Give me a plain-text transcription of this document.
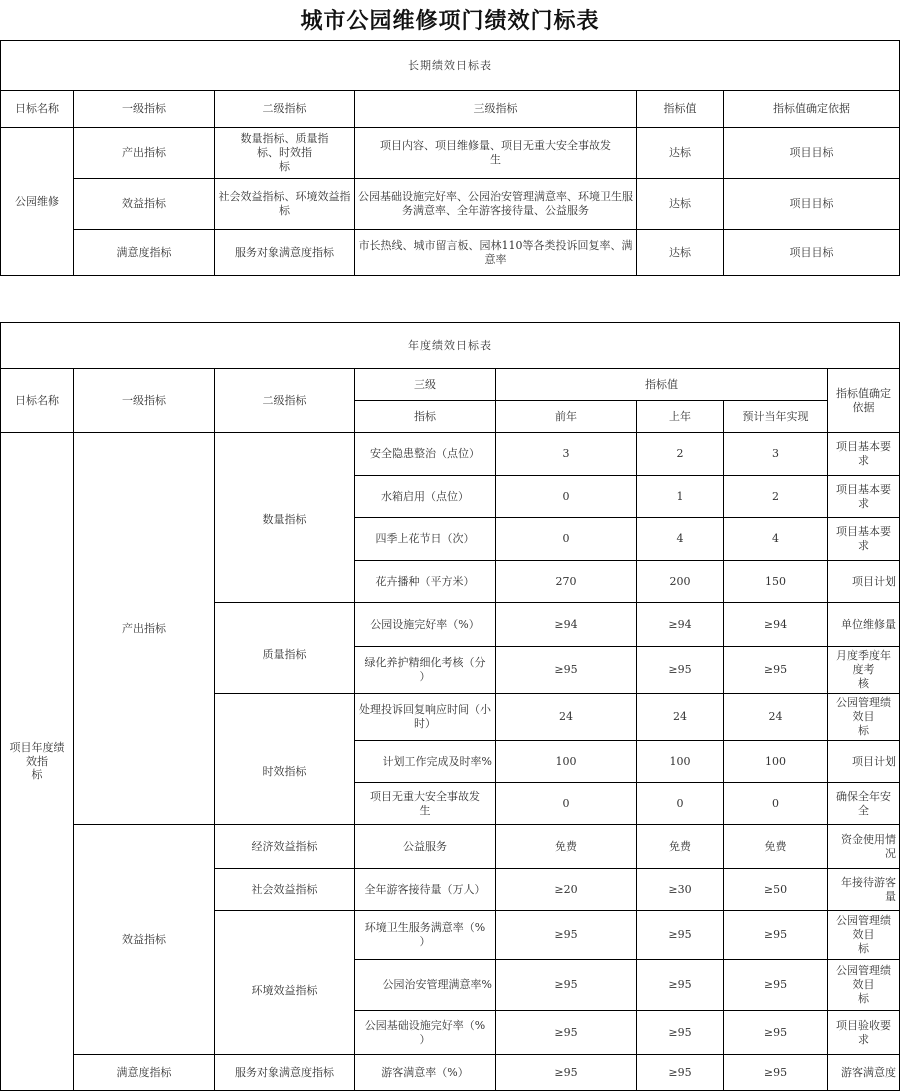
城市公园维修项门绩效门标表
长期绩效日标表					
日标名称	一级指标	二级指标	三级指标	指标值	指标值确定依据
公园维修	产出指标	数量指标、质量指
标、时效指
标	项目内容、项目维修量、项目无重大安全事故发
生	达标	项目目标
	效益指标	社会效益指标、环境效益指标	公园基础设施完好率、公园治安管理满意率、环境卫生服务满意率、全年游客接待量、公益服务	达标	项目目标
	满意度指标	服务对象满意度指标	市长热线、城市留言板、园林110等各类投诉回复率、满意率	达标	项目目标
年度绩效日标表							
日标名称	一级指标	二级指标	三级	指标值			指标值确定
依据
			指标	前年	上年	预计当年实现	
项目年度绩
效指
标	产出指标	数量指标	安全隐患整治（点位）	3	2	3	项目基本要
求
			水箱启用（点位）	0	1	2	项目基本要
求
			四季上花节日（次）	0	4	4	项目基本要
求
			花卉播种（平方米）	270	200	150	项目计划
		质量指标	公园设施完好率（%）	≥94	≥94	≥94	单位维修量
			绿化养护精细化考核（分
）	≥95	≥95	≥95	月度季度年
度考
核
		时效指标	处理投诉回复响应时间（小
时）	24	24	24	公园管理绩
效目
标
			计划工作完成及时率%	100	100	100	项目计划
			项目无重大安全事故发
生	0	0	0	确保全年安全
	效益指标	经济效益指标	公益服务	免费	免费	免费	资金使用情
况
		社会效益指标	全年游客接待量（万人）	≥20	≥30	≥50	年接待游客量
		环境效益指标	环境卫生服务满意率（%
）	≥95	≥95	≥95	公园管理绩
效目
标
			公园治安管理满意率%	≥95	≥95	≥95	公园管理绩
效目
标
			公园基础设施完好率（%
）	≥95	≥95	≥95	项目验收要
求
	满意度指标	服务对象满意度指标	游客满意率（%）	≥95	≥95	≥95	游客满意度
